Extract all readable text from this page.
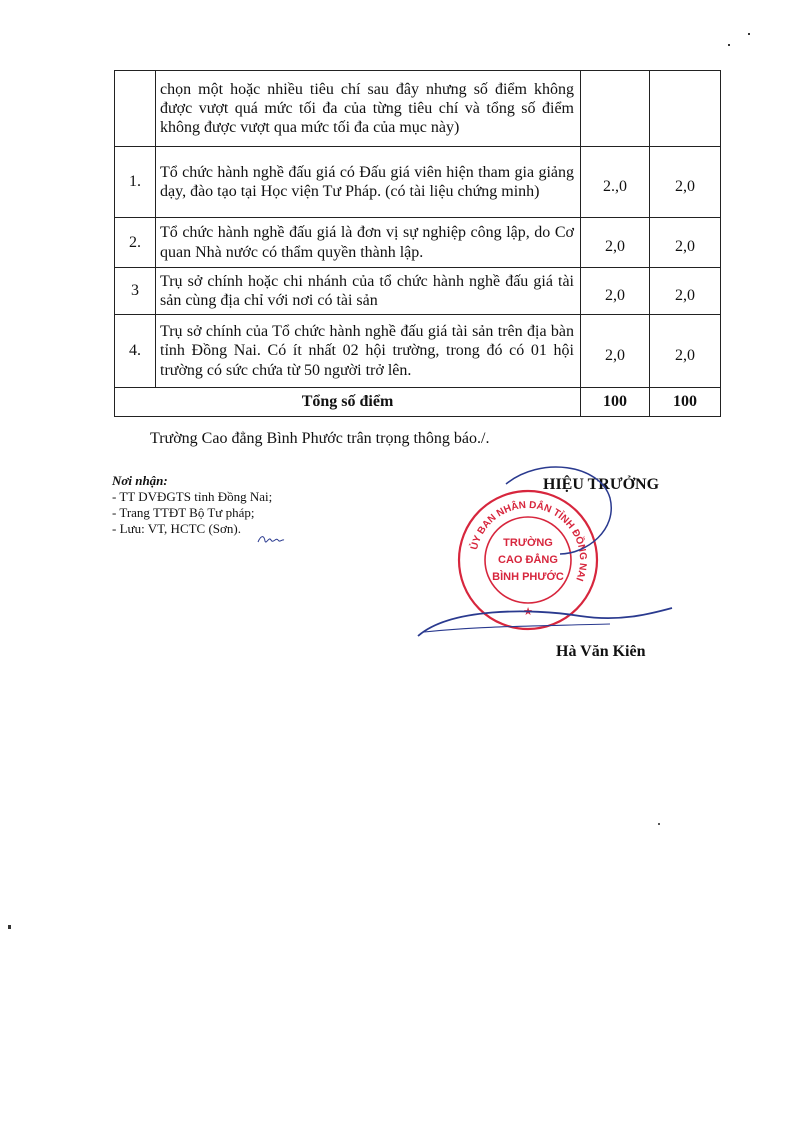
	chọn một hoặc nhiều tiêu chí sau đây nhưng số điểm không được vượt quá mức tối đa của từng tiêu chí và tổng số điểm không được vượt qua mức tối đa của mục này)		
1.	Tổ chức hành nghề đấu giá có Đấu giá viên hiện tham gia giảng dạy, đào tạo tại Học viện Tư Pháp. (có tài liệu chứng minh)	2.,0	2,0
2.	Tổ chức hành nghề đấu giá là đơn vị sự nghiệp công lập, do Cơ quan Nhà nước có thẩm quyền thành lập.	2,0	2,0
3	Trụ sở chính hoặc chi nhánh của tổ chức hành nghề đấu giá tài sản cùng địa chỉ với nơi có tài sản	2,0	2,0
4.	Trụ sở chính của Tổ chức hành nghề đấu giá tài sản trên địa bàn tỉnh Đồng Nai. Có ít nhất 02 hội trường, trong đó có 01 hội trường có sức chứa từ 50 người trở lên.	2,0	2,0
Tổng số điểm		100	100

Trường Cao đẳng Bình Phước trân trọng thông báo./.

Nơi nhận:
- TT DVĐGTS tỉnh Đồng Nai;
- Trang TTĐT Bộ Tư pháp;
- Lưu: VT, HCTC (Sơn).

HIỆU TRƯỞNG

ỦY BAN NHÂN DÂN TỈNH ĐỒNG NAI
TRƯỜNG
CAO ĐẲNG
BÌNH PHƯỚC
★

Hà Văn Kiên
